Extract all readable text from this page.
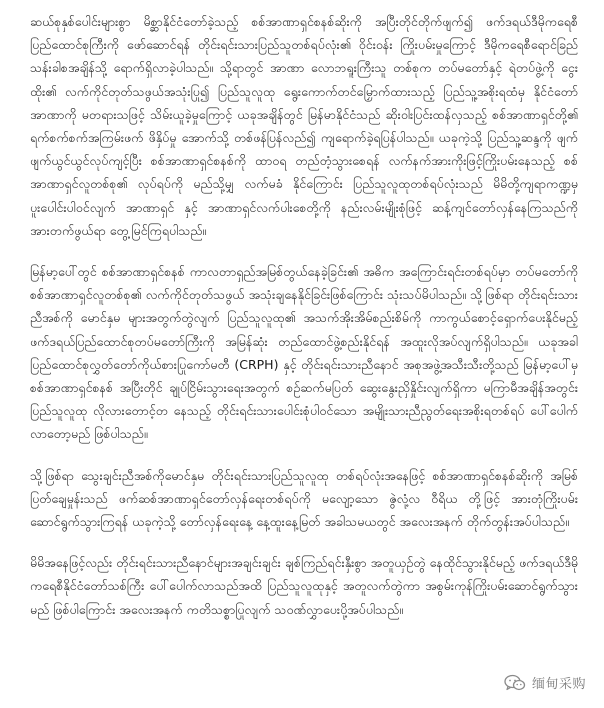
ဆယ်စုနှစ်ပေါင်းများစွာ မိစ္ဆာနိုင်ငံတော်ခဲ့သည့် စစ်အာဏာရှင်စနစ်ဆိုးကို အပြီးတိုင်တိုက်ဖျက်၍ ဖက်ဒရယ်ဒီမိုကရေစီပြည်ထောင်စုကြီးကို ဖော်ဆောင်ရန် တိုင်းရင်းသားပြည်သူတစ်ရပ်လုံး၏ ဝိုင်းဝန်း ကြိုးပမ်းမှုကြောင့် ဒီမိုကရေစီရောင်ခြည် သန်းခါစအချိန်သို့ ရောက်ရှိလာခဲ့ပါသည်။ သို့ရာတွင် အာဏာ လောဘရူးကြီးသူ တစ်စုက တပ်မတော်နှင့် ရဲတပ်ဖွဲ့ကို ငွေးထိုး၏ လက်ကိုင်တုတ်သဖွယ်အသုံးပြု၍ ပြည်သူလူထု ရွေးကောက်တင်မြှောက်ထားသည့် ပြည်သူ့အစိုးရထံမှ နိုင်ငံတော်အာဏာကို မတရားသဖြင့် သိမ်းယူခဲ့မှုကြောင့် ယခုအချိန်တွင် မြန်မာနိုင်ငံသည် ဆိုးဝါးပြင်းထန်လှသည့် စစ်အာဏာရှင်တို့၏ ရက်စက်စက်အကြမ်းဖက် ဖိနှိပ်မှု အောက်သို့ တစ်ဖန်ပြန်လည်၍ ကျရောက်ခဲ့ရပြန်ပါသည်။ ယခုကဲ့သို့ ပြည်သူ့ဆန္ဒကို ဖျက်ဖျက်ယွင်ယွင်လုပ်ကျင့်ပြီး စစ်အာဏာရှင်စနစ်ကို ထာဝရ တည်တံ့သွားစေရန် လက်နက်အားကိုးဖြင့်ကြိုးပမ်းနေသည့် စစ်အာဏာရှင်လူတစ်စု၏ လုပ်ရပ်ကို မည်သို့မျှ လက်မခံ နိုင်ကြောင်း ပြည်သူလူထုတစ်ရပ်လုံးသည် မိမိတို့ကျရာကဏ္ဍမှ ပူးပေါင်းပါဝင်လျက် အာဏာရှင် နှင့် အာဏာရှင်လက်ပါးစေတို့ကို နည်းလမ်းမျိုးစုံဖြင့် ဆန့်ကျင်တော်လှန်နေကြသည်ကို အားတက်ဖွယ်ရာ တွေ့မြင်ကြရပါသည်။

မြန်မာ့ပေါ်တွင် စစ်အာဏာရှင်စနစ် ကာလတာရှည်အမြစ်တွယ်နေခဲ့ခြင်း၏ အဓိက အကြောင်းရင်းတစ်ရပ်မှာ တပ်မတော်ကို စစ်အာဏာရှင်လူတစ်စု၏ လက်ကိုင်တုတ်သဖွယ် အသုံးချနေနိုင်ခြင်းဖြစ်ကြောင်း သုံးသပ်မိပါသည်။ သို့ဖြစ်ရာ တိုင်းရင်းသားညီအစ်ကို မောင်နှမ များအတွက်တွဲလျက် ပြည်သူလူထု၏ အသက်အိုးအိမ်စည်းစိမ်ကို ကာကွယ်စောင့်ရှောက်ပေးနိုင်မည့် ဖက်ဒရယ်ပြည်ထောင်စုတပ်မတော်ကြီးကို အမြန်ဆုံး တည်ထောင်ဖွဲ့စည်းနိုင်ရန် အထူးလိုအပ်လျက်ရှိပါသည်။ ယခုအခါ ပြည်ထောင်စုလွှတ်တော်ကိုယ်စားပြုကော်မတီ (CRPH) နှင့် တိုင်းရင်းသားညီနောင် အစုအဖွဲ့အသီးသီးတို့သည် မြန်မာ့ပေါ်မှ စစ်အာဏာရှင်စနစ် အပြီးတိုင် ချုပ်ငြိမ်းသွားရေးအတွက် စဉ်ဆက်မပြတ် ဆွေးနွေးညှိနှိုင်းလျက်ရှိကာ မကြာမီအချိန်အတွင်း ပြည်သူလူထု လိုလားတောင့်တ နေသည့် တိုင်းရင်းသားပေါင်းစုံပါဝင်သော အမျိုးသားညီညွတ်ရေးအစိုးရတစ်ရပ် ပေါ်ပေါက်လာတော့မည် ဖြစ်ပါသည်။

သို့ဖြစ်ရာ သွေးချင်းညီအစ်ကိုမောင်နှမ တိုင်းရင်းသားပြည်သူလူထု တစ်ရပ်လုံးအနေဖြင့် စစ်အာဏာရှင်စနစ်ဆိုးကို အမြစ်ပြတ်ချေမှုန်းသည် ဖက်ဆစ်အာဏာရှင်တော်လှန်ရေးတစ်ရပ်ကို မလျော့သော ဇွဲလုံ့လ ဝီရိယ တို့ဖြင့် အားတုံကြိုးပမ်းဆောင်ရွက်သွားကြရန် ယခုကဲ့သို့ တော်လှန်ရေးနေ့ နေ့ထူးနေ့မြတ် အခါသမယတွင် အလေးအနက် တိုက်တွန်းအပ်ပါသည်။

မိမိအနေဖြင့်လည်း တိုင်းရင်းသားညီနောင်များအချင်းချင်း ချစ်ကြည်ရင်းနှီးစွာ အတူယှဉ်တွဲ နေထိုင်သွားနိုင်မည့် ဖက်ဒရယ်ဒီမိုကရေစီနိုင်ငံတော်သစ်ကြီး ပေါ်ပေါက်လာသည်အထိ ပြည်သူလူထုနှင့် အတူလက်တွဲကာ အစွမ်းကုန်ကြိုးပမ်းဆောင်ရွက်သွားမည် ဖြစ်ပါကြောင်း အလေးအနက် ကတိသစ္စာပြုလျက် သဝဏ်လွှာပေးပို့အပ်ပါသည်။

缅甸采购
